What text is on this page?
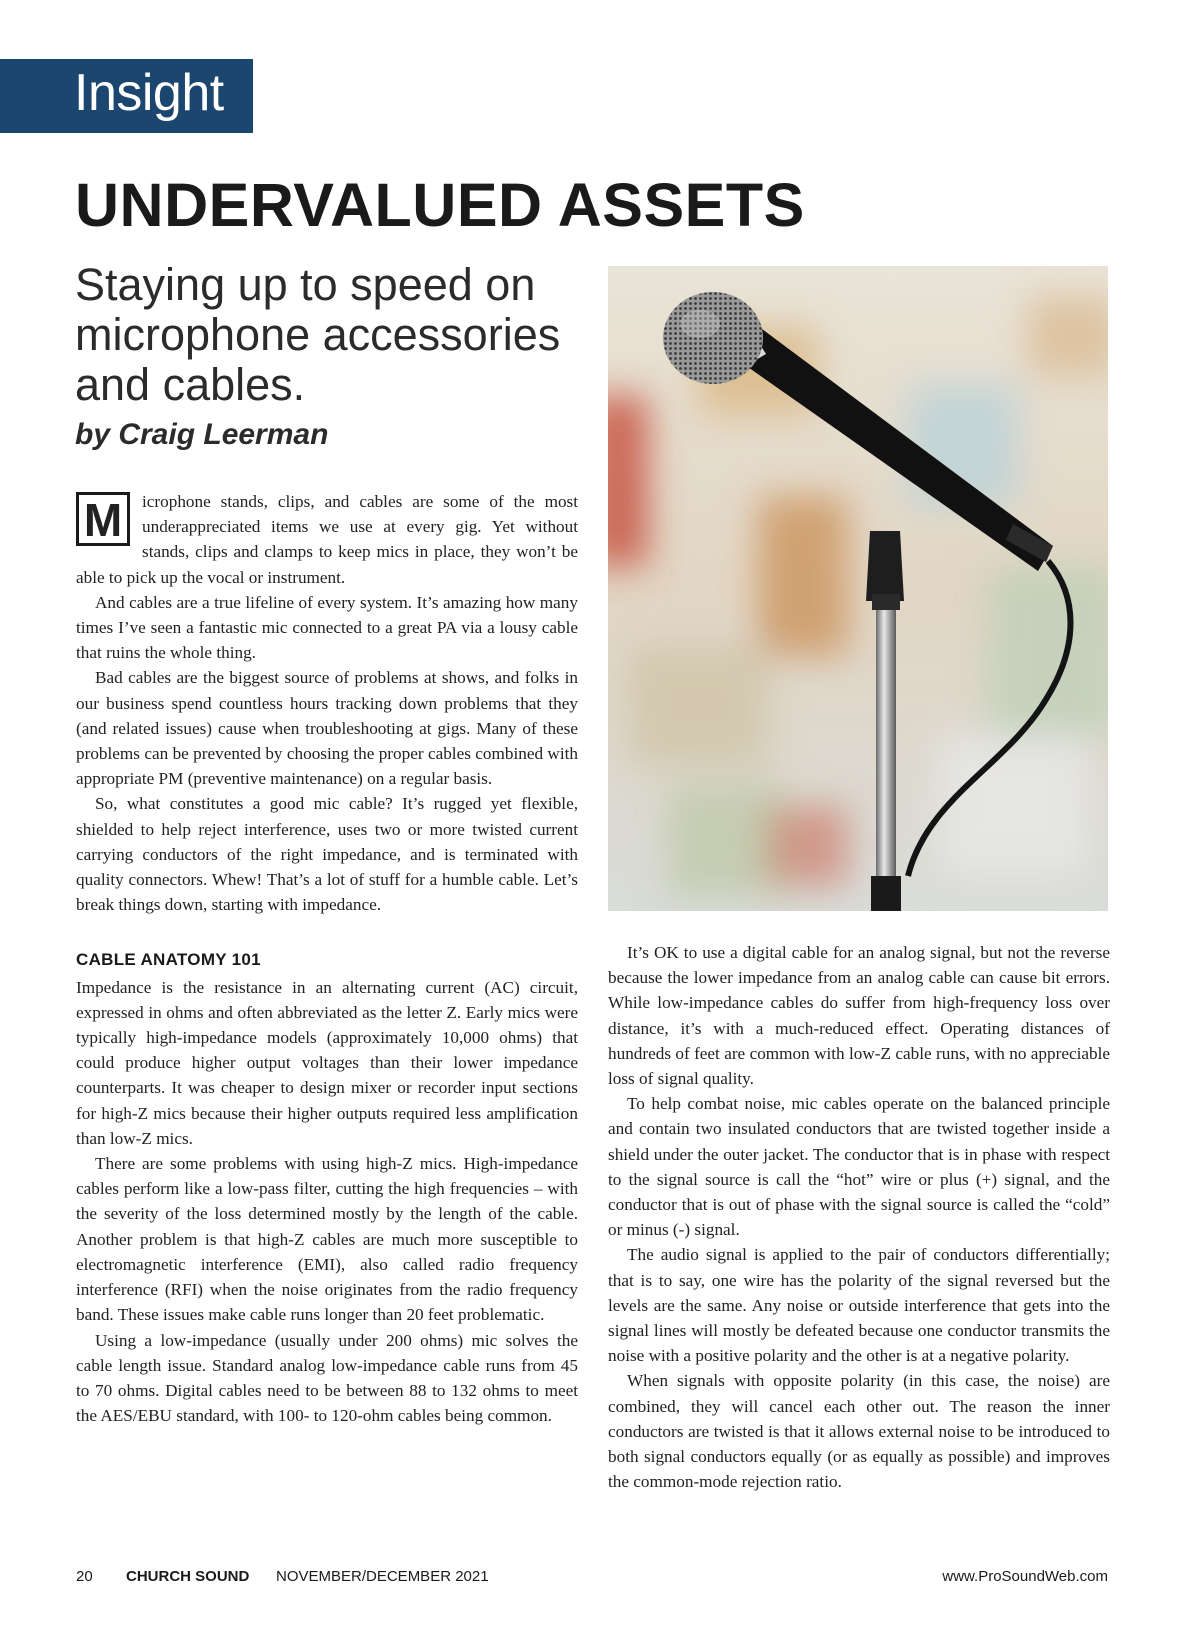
Insight
UNDERVALUED ASSETS
Staying up to speed on microphone accessories and cables.
by Craig Leerman

M	icrophone stands, clips, and cables are some of the most underappreciated items we use at every gig. Yet without stands, clips and clamps to keep mics in place, they won’t be able to pick up the vocal or instrument.

And cables are a true lifeline of every system. It’s amazing how many times I’ve seen a fantastic mic connected to a great PA via a lousy cable that ruins the whole thing.

Bad cables are the biggest source of problems at shows, and folks in our business spend countless hours tracking down problems that they (and related issues) cause when troubleshooting at gigs. Many of these problems can be prevented by choosing the proper cables combined with appropriate PM (preventive maintenance) on a regular basis.

So, what constitutes a good mic cable? It’s rugged yet flexible, shielded to help reject interference, uses two or more twisted current carrying conductors of the right impedance, and is terminated with quality connectors. Whew! That’s a lot of stuff for a humble cable. Let’s break things down, starting with impedance.

CABLE ANATOMY 101

Impedance is the resistance in an alternating current (AC) circuit, expressed in ohms and often abbreviated as the letter Z. Early mics were typically high-impedance models (approximately 10,000 ohms) that could produce higher output voltages than their lower impedance counterparts. It was cheaper to design mixer or recorder input sections for high-Z mics because their higher outputs required less amplification than low-Z mics.

There are some problems with using high-Z mics. High-impedance cables perform like a low-pass filter, cutting the high frequencies – with the severity of the loss determined mostly by the length of the cable. Another problem is that high-Z cables are much more susceptible to electromagnetic interference (EMI), also called radio frequency interference (RFI) when the noise originates from the radio frequency band. These issues make cable runs longer than 20 feet problematic.

Using a low-impedance (usually under 200 ohms) mic solves the cable length issue. Standard analog low-impedance cable runs from 45 to 70 ohms. Digital cables need to be between 88 to 132 ohms to meet the AES/EBU standard, with 100- to 120-ohm cables being common.

It’s OK to use a digital cable for an analog signal, but not the reverse because the lower impedance from an analog cable can cause bit errors. While low-impedance cables do suffer from high-frequency loss over distance, it’s with a much-reduced effect. Operating distances of hundreds of feet are common with low-Z cable runs, with no appreciable loss of signal quality.

To help combat noise, mic cables operate on the balanced principle and contain two insulated conductors that are twisted together inside a shield under the outer jacket. The conductor that is in phase with respect to the signal source is call the “hot” wire or plus (+) signal, and the conductor that is out of phase with the signal source is called the “cold” or minus (-) signal.

The audio signal is applied to the pair of conductors differentially; that is to say, one wire has the polarity of the signal reversed but the levels are the same. Any noise or outside interference that gets into the signal lines will mostly be defeated because one conductor transmits the noise with a positive polarity and the other is at a negative polarity.

When signals with opposite polarity (in this case, the noise) are combined, they will cancel each other out. The reason the inner conductors are twisted is that it allows external noise to be introduced to both signal conductors equally (or as equally as possible) and improves the common-mode rejection ratio.

20 CHURCH SOUND NOVEMBER/DECEMBER 2021	www.ProSoundWeb.com
